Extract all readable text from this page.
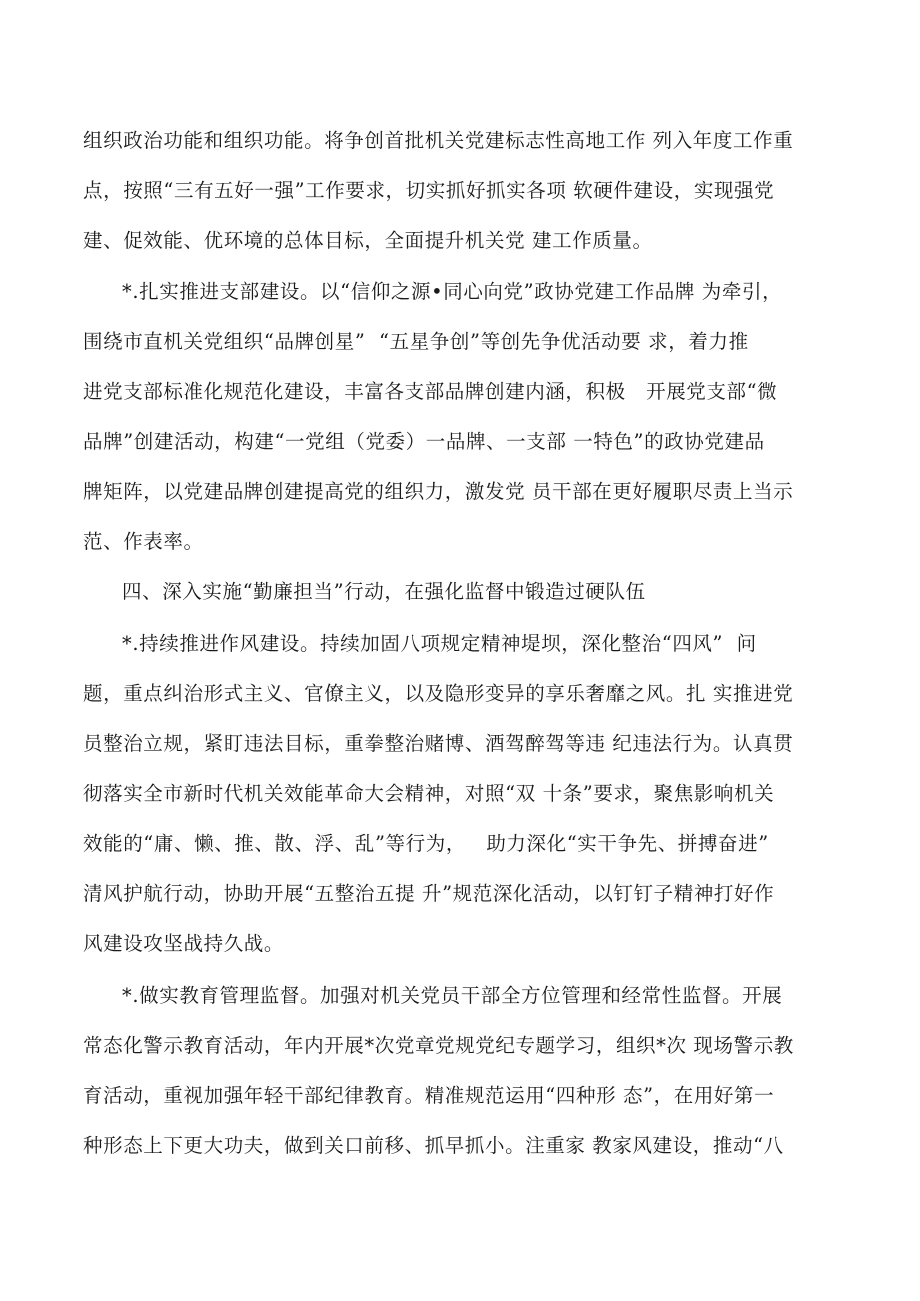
组织政治功能和组织功能。将争创首批机关党建标志性高地工作 列入年度工作重

点，按照“三有五好一强”工作要求，切实抓好抓实各项 软硬件建设，实现强党

建、促效能、优环境的总体目标，全面提升机关党 建工作质量。

*.扎实推进支部建设。以“信仰之源•同心向党”政协党建工作品牌 为牵引，

围绕市直机关党组织“品牌创星”  “五星争创”等创先争优活动要 求，着力推

进党支部标准化规范化建设，丰富各支部品牌创建内涵，积极   开展党支部“微

品牌”创建活动，构建“一党组（党委）一品牌、一支部 一特色”的政协党建品

牌矩阵，以党建品牌创建提高党的组织力，激发党 员干部在更好履职尽责上当示

范、作表率。

四、深入实施“勤廉担当”行动，在强化监督中锻造过硬队伍

*.持续推进作风建设。持续加固八项规定精神堤坝，深化整治“四风”  问

题，重点纠治形式主义、官僚主义，以及隐形变异的享乐奢靡之风。扎 实推进党

员整治立规，紧盯违法目标，重拳整治赌博、酒驾醉驾等违 纪违法行为。认真贯

彻落实全市新时代机关效能革命大会精神，对照“双 十条”要求，聚焦影响机关

效能的“庸、懒、推、散、浮、乱”等行为，   助力深化“实干争先、拼搏奋进”

清风护航行动，协助开展“五整治五提 升”规范深化活动，以钉钉子精神打好作

风建设攻坚战持久战。

*.做实教育管理监督。加强对机关党员干部全方位管理和经常性监督。开展

常态化警示教育活动，年内开展*次党章党规党纪专题学习，组织*次 现场警示教

育活动，重视加强年轻干部纪律教育。精准规范运用“四种形 态”，在用好第一

种形态上下更大功夫，做到关口前移、抓早抓小。注重家 教家风建设，推动“八
